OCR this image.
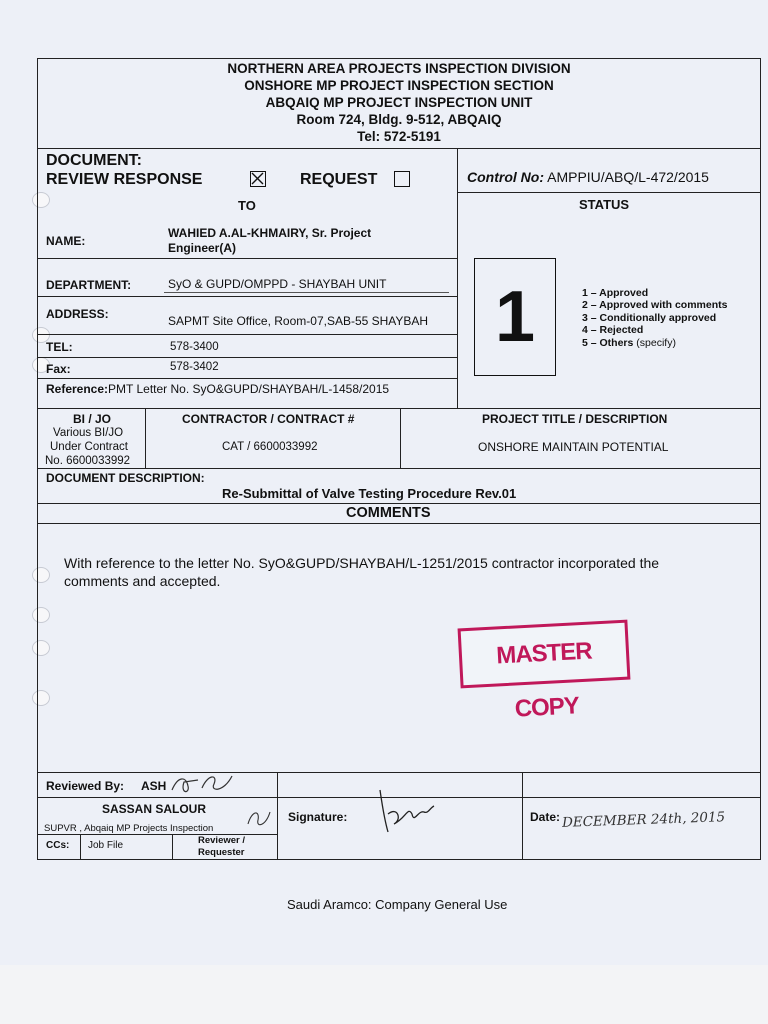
NORTHERN AREA PROJECTS INSPECTION DIVISION
ONSHORE MP PROJECT INSPECTION SECTION
ABQAIQ MP PROJECT INSPECTION UNIT
Room 724, Bldg. 9-512, ABQAIQ
Tel: 572-5191
DOCUMENT:
REVIEW RESPONSE	REQUEST	Control No: AMPPIU/ABQ/L-472/2015
TO
NAME:
WAHIED A.AL-KHMAIRY, Sr. Project
Engineer(A)
DEPARTMENT:	SyO & GUPD/OMPPD - SHAYBAH UNIT
ADDRESS:	SAPMT Site Office, Room-07,SAB-55 SHAYBAH
TEL:	578-3400
Fax:	578-3402
Reference:PMT Letter No. SyO&GUPD/SHAYBAH/L-1458/2015
STATUS
1	1 – Approved
2 – Approved with comments
3 – Conditionally approved
4 – Rejected
5 – Others (specify)
BI / JO
Various BI/JO
Under Contract
No. 6600033992
CONTRACTOR / CONTRACT #
CAT / 6600033992
PROJECT TITLE / DESCRIPTION
ONSHORE MAINTAIN POTENTIAL
DOCUMENT DESCRIPTION:
Re-Submittal of Valve Testing Procedure Rev.01
COMMENTS
With reference to the letter No. SyO&GUPD/SHAYBAH/L-1251/2015 contractor incorporated the
comments and accepted.
MASTER COPY
Reviewed By: ASH
SASSAN SALOUR
SUPVR , Abqaiq MP Projects Inspection
Signature:	Date: DECEMBER 24th, 2015
CCs: Job File	Reviewer /
Requester
Saudi Aramco: Company General Use
